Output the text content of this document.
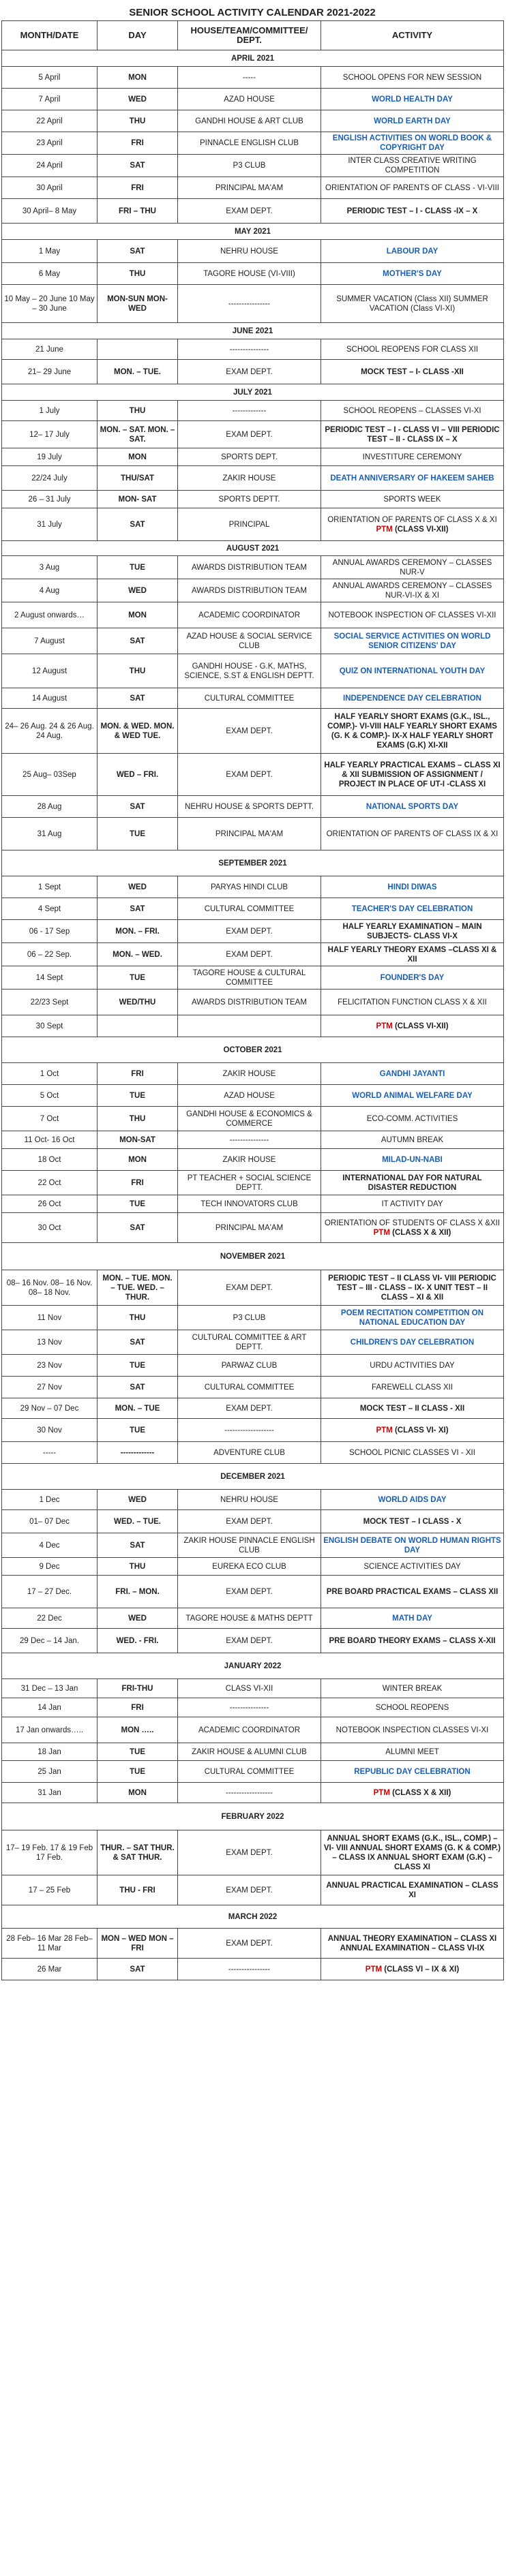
SENIOR SCHOOL ACTIVITY CALENDAR 2021-2022
MONTH/DATE	DAY	HOUSE/TEAM/COMMITTEE/ DEPT.	ACTIVITY
APRIL 2021			
5 April	MON	-----	SCHOOL OPENS FOR NEW SESSION
7 April	WED	AZAD HOUSE	WORLD HEALTH DAY
22 April	THU	GANDHI HOUSE & ART CLUB	WORLD EARTH DAY
23 April	FRI	PINNACLE ENGLISH CLUB	ENGLISH ACTIVITIES ON WORLD BOOK & COPYRIGHT DAY
24 April	SAT	P3 CLUB	INTER CLASS CREATIVE WRITING COMPETITION
30 April	FRI	PRINCIPAL MA'AM	ORIENTATION OF PARENTS OF CLASS - VI-VIII
30 April– 8 May	FRI – THU	EXAM DEPT.	PERIODIC TEST – I - CLASS -IX – X
MAY 2021			
1 May	SAT	NEHRU HOUSE	LABOUR DAY
6 May	THU	TAGORE HOUSE (VI-VIII)	MOTHER'S DAY
10 May – 20 June 10 May – 30 June	MON-SUN MON-WED	----------------	SUMMER VACATION (Class XII) SUMMER VACATION (Class VI-XI)
JUNE 2021			
21 June		---------------	SCHOOL REOPENS FOR CLASS XII
21– 29 June	MON. – TUE.	EXAM DEPT.	MOCK TEST – I- CLASS -XII
JULY 2021			
1 July	THU	-------------	SCHOOL REOPENS – CLASSES VI-XI
12– 17 July	MON. – SAT. MON. – SAT.	EXAM DEPT.	PERIODIC TEST – I - CLASS VI – VIII PERIODIC TEST – II - CLASS IX – X
19 July	MON	SPORTS DEPT.	INVESTITURE CEREMONY
22/24 July	THU/SAT	ZAKIR HOUSE	DEATH ANNIVERSARY OF HAKEEM SAHEB
26 – 31 July	MON- SAT	SPORTS DEPTT.	SPORTS WEEK
31 July	SAT	PRINCIPAL	ORIENTATION OF PARENTS OF CLASS X & XI
PTM (CLASS VI-XII)
AUGUST 2021			
3 Aug	TUE	AWARDS DISTRIBUTION TEAM	ANNUAL AWARDS CEREMONY – CLASSES NUR-V
4 Aug	WED	AWARDS DISTRIBUTION TEAM	ANNUAL AWARDS CEREMONY – CLASSES NUR-VI-IX & XI
2 August onwards…	MON	ACADEMIC COORDINATOR	NOTEBOOK INSPECTION OF CLASSES VI-XII
7 August	SAT	AZAD HOUSE & SOCIAL SERVICE CLUB	SOCIAL SERVICE ACTIVITIES ON WORLD SENIOR CITIZENS' DAY
12 August	THU	GANDHI HOUSE - G.K, MATHS, SCIENCE, S.ST & ENGLISH DEPTT.	QUIZ ON INTERNATIONAL YOUTH DAY
14 August	SAT	CULTURAL COMMITTEE	INDEPENDENCE DAY CELEBRATION
24– 26 Aug. 24 & 26 Aug. 24 Aug.	MON. & WED. MON. & WED TUE.	EXAM DEPT.	HALF YEARLY SHORT EXAMS (G.K., ISL., COMP.)- VI-VIII HALF YEARLY SHORT EXAMS (G. K & COMP.)- IX-X HALF YEARLY SHORT EXAMS (G.K) XI-XII
25 Aug– 03Sep	WED – FRI.	EXAM DEPT.	HALF YEARLY PRACTICAL EXAMS – CLASS XI & XII SUBMISSION OF ASSIGNMENT / PROJECT IN PLACE OF UT-I -CLASS XI
28 Aug	SAT	NEHRU HOUSE & SPORTS DEPTT.	NATIONAL SPORTS DAY
31 Aug	TUE	PRINCIPAL MA'AM	ORIENTATION OF PARENTS OF CLASS IX & XI
SEPTEMBER 2021			
1 Sept	WED	PARYAS HINDI CLUB	HINDI DIWAS
4 Sept	SAT	CULTURAL COMMITTEE	TEACHER'S DAY CELEBRATION
06 - 17 Sep	MON. – FRI.	EXAM DEPT.	HALF YEARLY EXAMINATION – MAIN SUBJECTS- CLASS VI-X
06 – 22 Sep.	MON. – WED.	EXAM DEPT.	HALF YEARLY THEORY EXAMS –CLASS XI & XII
14 Sept	TUE	TAGORE HOUSE & CULTURAL COMMITTEE	FOUNDER'S DAY
22/23 Sept	WED/THU	AWARDS DISTRIBUTION TEAM	FELICITATION FUNCTION CLASS X & XII
30 Sept			PTM (CLASS VI-XII)
OCTOBER 2021			
1 Oct	FRI	ZAKIR HOUSE	GANDHI JAYANTI
5 Oct	TUE	AZAD HOUSE	WORLD ANIMAL WELFARE DAY
7 Oct	THU	GANDHI HOUSE & ECONOMICS & COMMERCE	ECO-COMM. ACTIVITIES
11 Oct- 16 Oct	MON-SAT	---------------	AUTUMN BREAK
18 Oct	MON	ZAKIR HOUSE	MILAD-UN-NABI
22 Oct	FRI	PT TEACHER + SOCIAL SCIENCE DEPTT.	INTERNATIONAL DAY FOR NATURAL DISASTER REDUCTION
26 Oct	TUE	TECH INNOVATORS CLUB	IT ACTIVITY DAY
30 Oct	SAT	PRINCIPAL MA'AM	ORIENTATION OF STUDENTS OF CLASS X &XII
PTM (CLASS X & XII)
NOVEMBER 2021			
08– 16 Nov. 08– 16 Nov. 08– 18 Nov.	MON. – TUE. MON. – TUE. WED. – THUR.	EXAM DEPT.	PERIODIC TEST – II CLASS VI- VIII PERIODIC TEST – III - CLASS – IX- X UNIT TEST – II CLASS – XI & XII
11 Nov	THU	P3 CLUB	POEM RECITATION COMPETITION ON NATIONAL EDUCATION DAY
13 Nov	SAT	CULTURAL COMMITTEE & ART DEPTT.	CHILDREN'S DAY CELEBRATION
23 Nov	TUE	PARWAZ CLUB	URDU ACTIVITIES DAY
27 Nov	SAT	CULTURAL COMMITTEE	FAREWELL CLASS XII
29 Nov – 07 Dec	MON. – TUE	EXAM DEPT.	MOCK TEST – II CLASS - XII
30 Nov	TUE	-------------------	PTM (CLASS VI- XI)
-----	-------------	ADVENTURE CLUB	SCHOOL PICNIC CLASSES VI - XII
DECEMBER 2021			
1 Dec	WED	NEHRU HOUSE	WORLD AIDS DAY
01– 07 Dec	WED. – TUE.	EXAM DEPT.	MOCK TEST – I CLASS - X
4 Dec	SAT	ZAKIR HOUSE PINNACLE ENGLISH CLUB	ENGLISH DEBATE ON WORLD HUMAN RIGHTS DAY
9 Dec	THU	EUREKA ECO CLUB	SCIENCE ACTIVITIES DAY
17 – 27 Dec.	FRI. – MON.	EXAM DEPT.	PRE BOARD PRACTICAL EXAMS – CLASS XII
22 Dec	WED	TAGORE HOUSE & MATHS DEPTT	MATH DAY
29 Dec – 14 Jan.	WED. - FRI.	EXAM DEPT.	PRE BOARD THEORY EXAMS – CLASS X-XII
JANUARY 2022			
31 Dec – 13 Jan	FRI-THU	CLASS VI-XII	WINTER BREAK
14 Jan	FRI	---------------	SCHOOL REOPENS
17 Jan onwards…..	MON …..	ACADEMIC COORDINATOR	NOTEBOOK INSPECTION CLASSES VI-XI
18 Jan	TUE	ZAKIR HOUSE & ALUMNI CLUB	ALUMNI MEET
25 Jan	TUE	CULTURAL COMMITTEE	REPUBLIC DAY CELEBRATION
31 Jan	MON	------------------	PTM (CLASS X & XII)
FEBRUARY 2022			
17– 19 Feb. 17 & 19 Feb 17 Feb.	THUR. – SAT THUR. & SAT THUR.	EXAM DEPT.	ANNUAL SHORT EXAMS (G.K., ISL., COMP.) – VI- VIII ANNUAL SHORT EXAMS (G. K & COMP.) – CLASS IX ANNUAL SHORT EXAM (G.K) – CLASS XI
17 – 25 Feb	THU - FRI	EXAM DEPT.	ANNUAL PRACTICAL EXAMINATION – CLASS XI
MARCH 2022			
28 Feb– 16 Mar 28 Feb– 11 Mar	MON – WED MON – FRI	EXAM DEPT.	ANNUAL THEORY EXAMINATION – CLASS XI ANNUAL EXAMINATION – CLASS VI-IX
26 Mar	SAT	----------------	PTM (CLASS VI – IX & XI)
